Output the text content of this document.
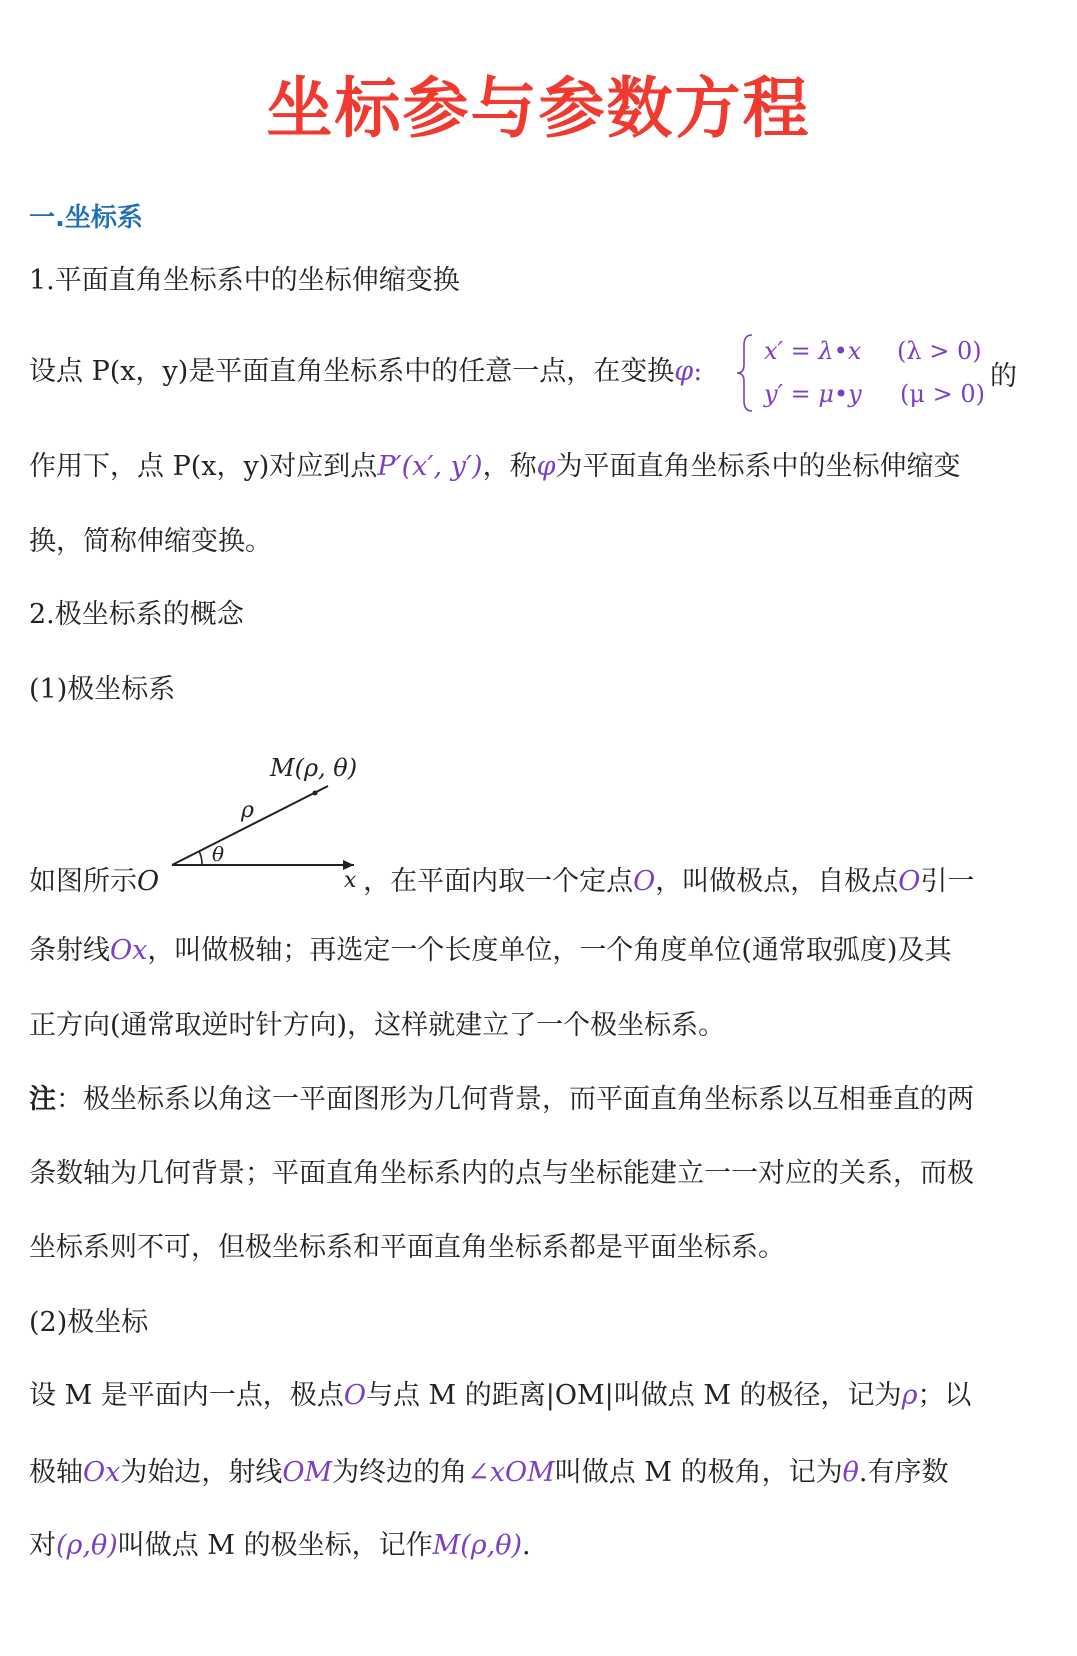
坐标参与参数方程
一.坐标系
1.平面直角坐标系中的坐标伸缩变换
设点 P(x，y)是平面直角坐标系中的任意一点，在变换φ:
x′ = λ•x (λ > 0)
y′ = μ•y (μ > 0)
的
作用下，点 P(x，y)对应到点P′(x′, y′)，称φ为平面直角坐标系中的坐标伸缩变
换，简称伸缩变换。
2.极坐标系的概念
(1)极坐标系
M(ρ, θ)
ρ
θ
x
如图所示O	，在平面内取一个定点O，叫做极点，自极点O引一
条射线Ox，叫做极轴；再选定一个长度单位，一个角度单位(通常取弧度)及其
正方向(通常取逆时针方向)，这样就建立了一个极坐标系。
注：极坐标系以角这一平面图形为几何背景，而平面直角坐标系以互相垂直的两
条数轴为几何背景；平面直角坐标系内的点与坐标能建立一一对应的关系，而极
坐标系则不可，但极坐标系和平面直角坐标系都是平面坐标系。
(2)极坐标
设 M 是平面内一点，极点O与点 M 的距离|OM|叫做点 M 的极径，记为ρ；以
极轴Ox为始边，射线OM为终边的角∠xOM叫做点 M 的极角，记为θ.有序数
对(ρ,θ)叫做点 M 的极坐标，记作M(ρ,θ).
